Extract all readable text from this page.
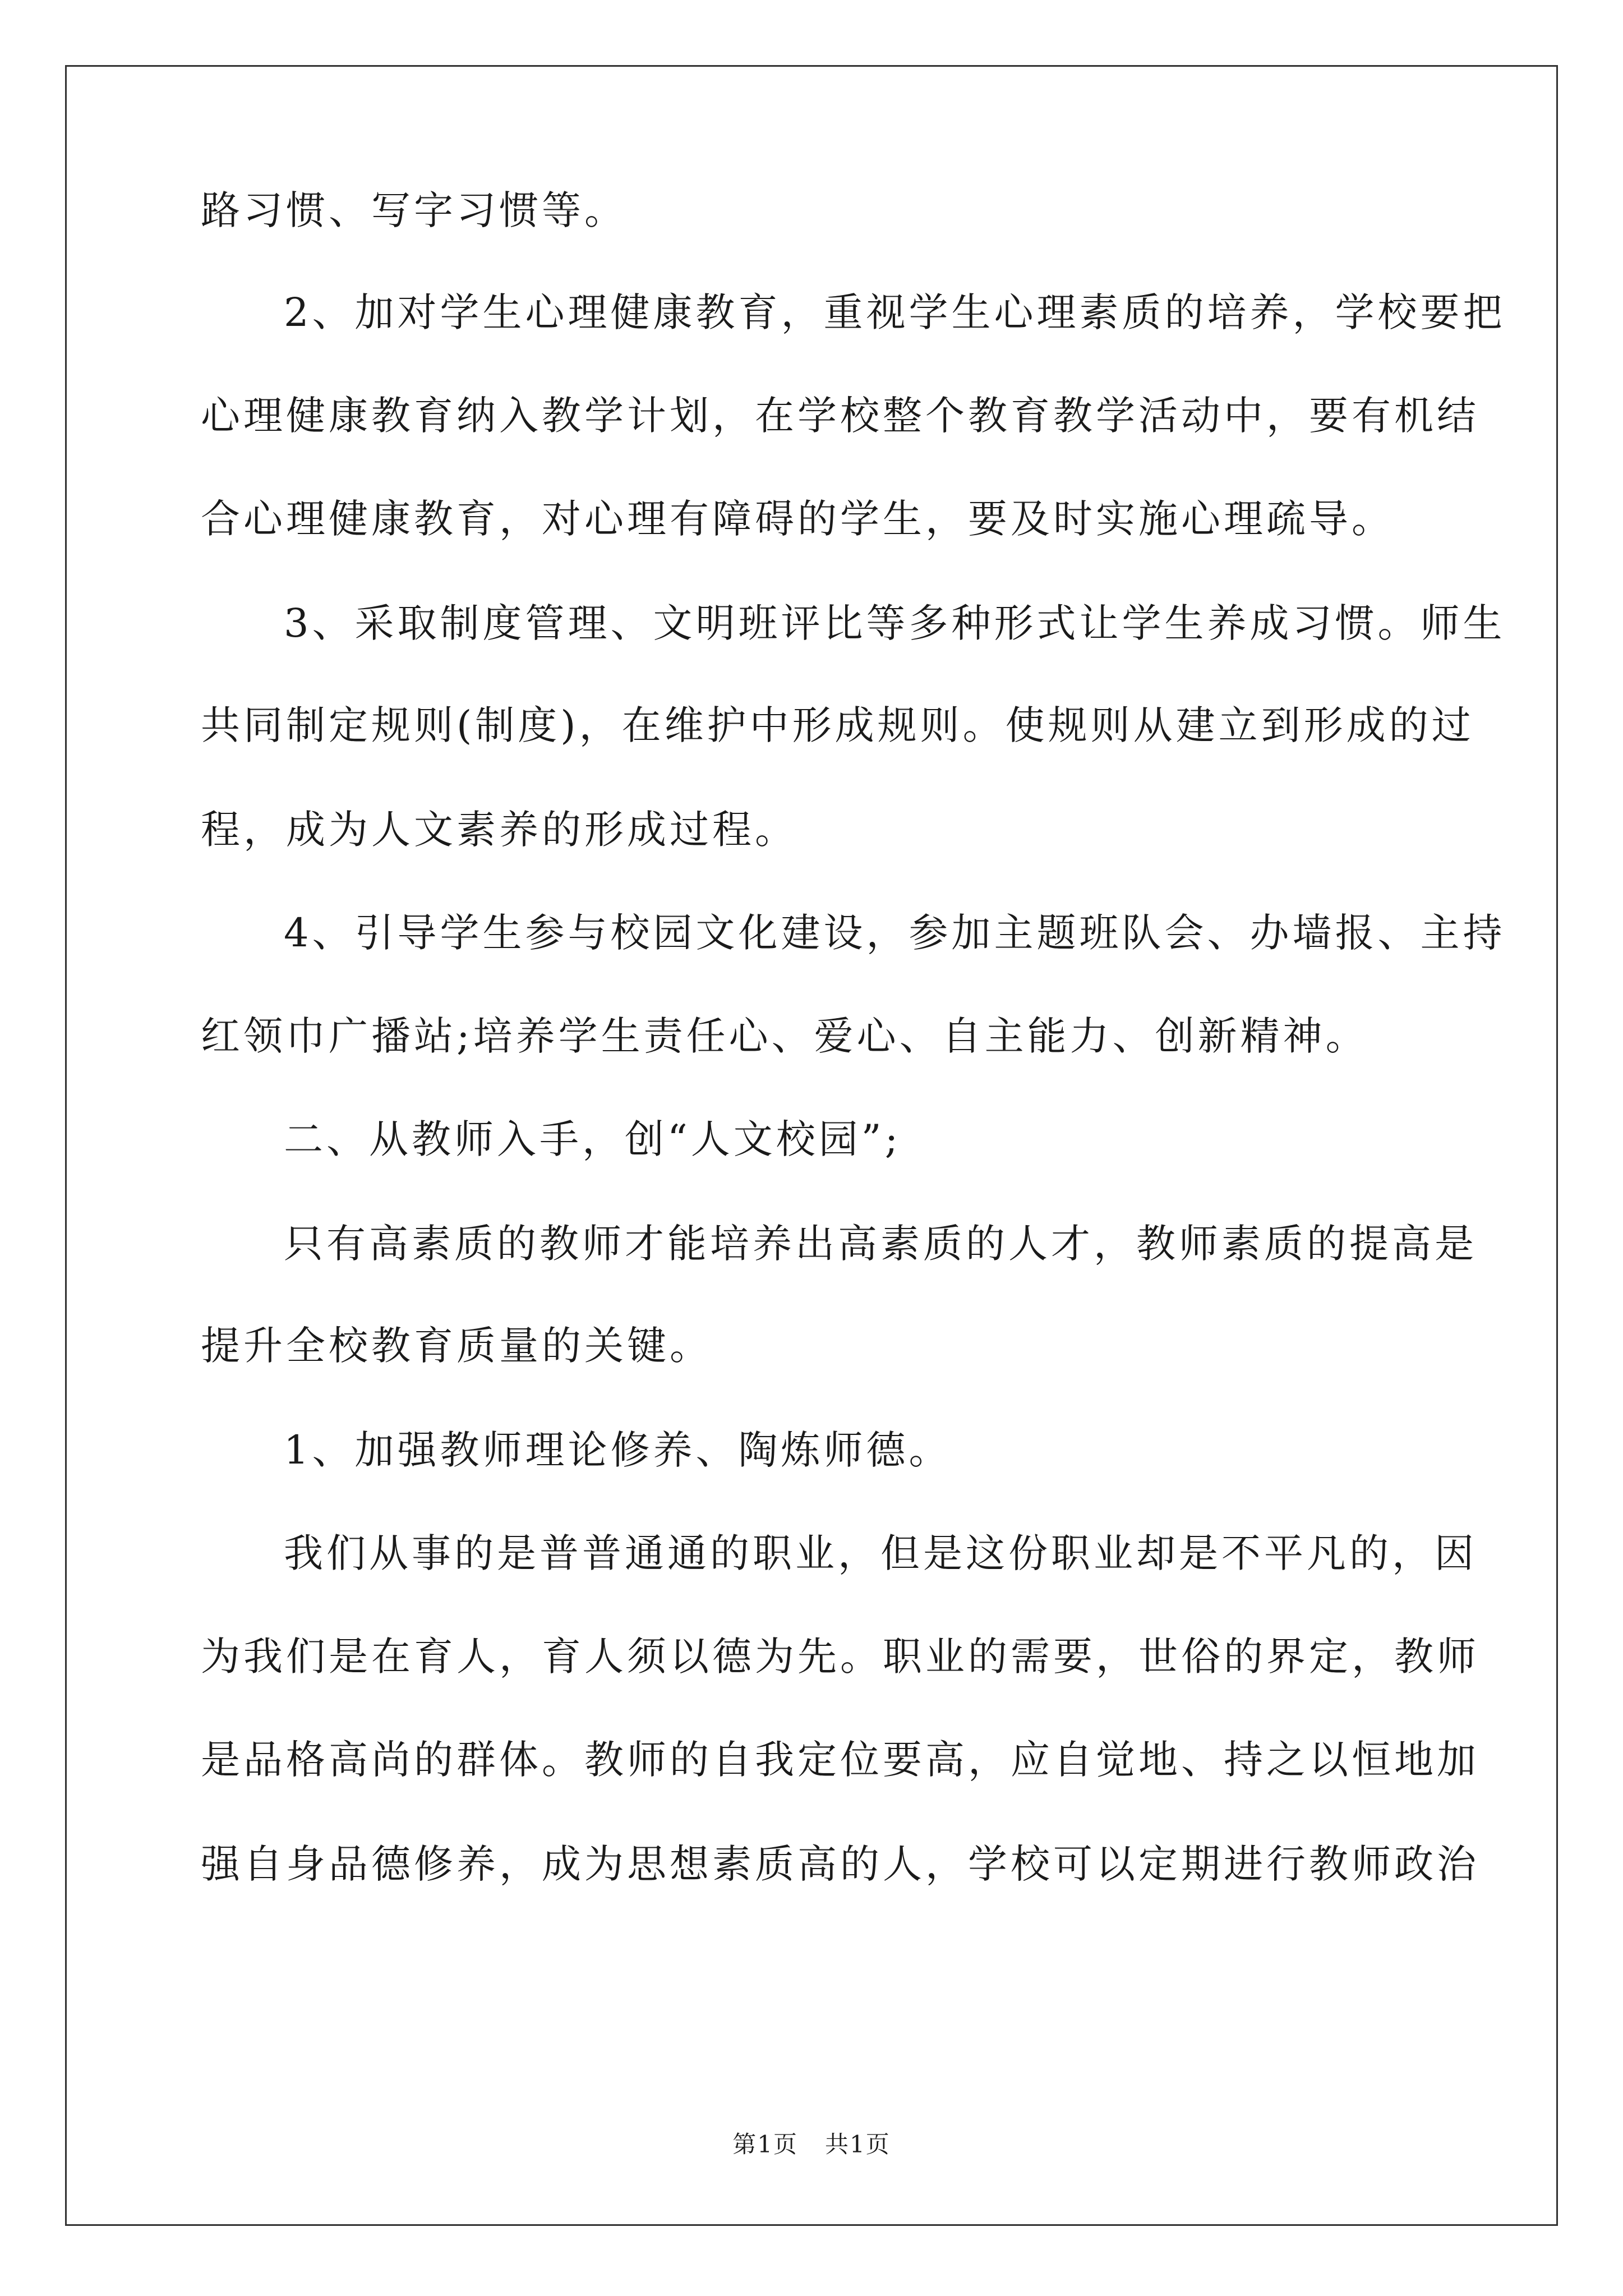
路习惯、写字习惯等。
2、加对学生心理健康教育，重视学生心理素质的培养，学校要把
心理健康教育纳入教学计划，在学校整个教育教学活动中，要有机结
合心理健康教育，对心理有障碍的学生，要及时实施心理疏导。
3、采取制度管理、文明班评比等多种形式让学生养成习惯。师生
共同制定规则(制度)，在维护中形成规则。使规则从建立到形成的过
程，成为人文素养的形成过程。
4、引导学生参与校园文化建设，参加主题班队会、办墙报、主持
红领巾广播站;培养学生责任心、爱心、自主能力、创新精神。
二、从教师入手，创“人文校园”;
只有高素质的教师才能培养出高素质的人才，教师素质的提高是
提升全校教育质量的关键。
1、加强教师理论修养、陶炼师德。
我们从事的是普普通通的职业，但是这份职业却是不平凡的，因
为我们是在育人，育人须以德为先。职业的需要，世俗的界定，教师
是品格高尚的群体。教师的自我定位要高，应自觉地、持之以恒地加
强自身品德修养，成为思想素质高的人，学校可以定期进行教师政治
第1页 共1页
